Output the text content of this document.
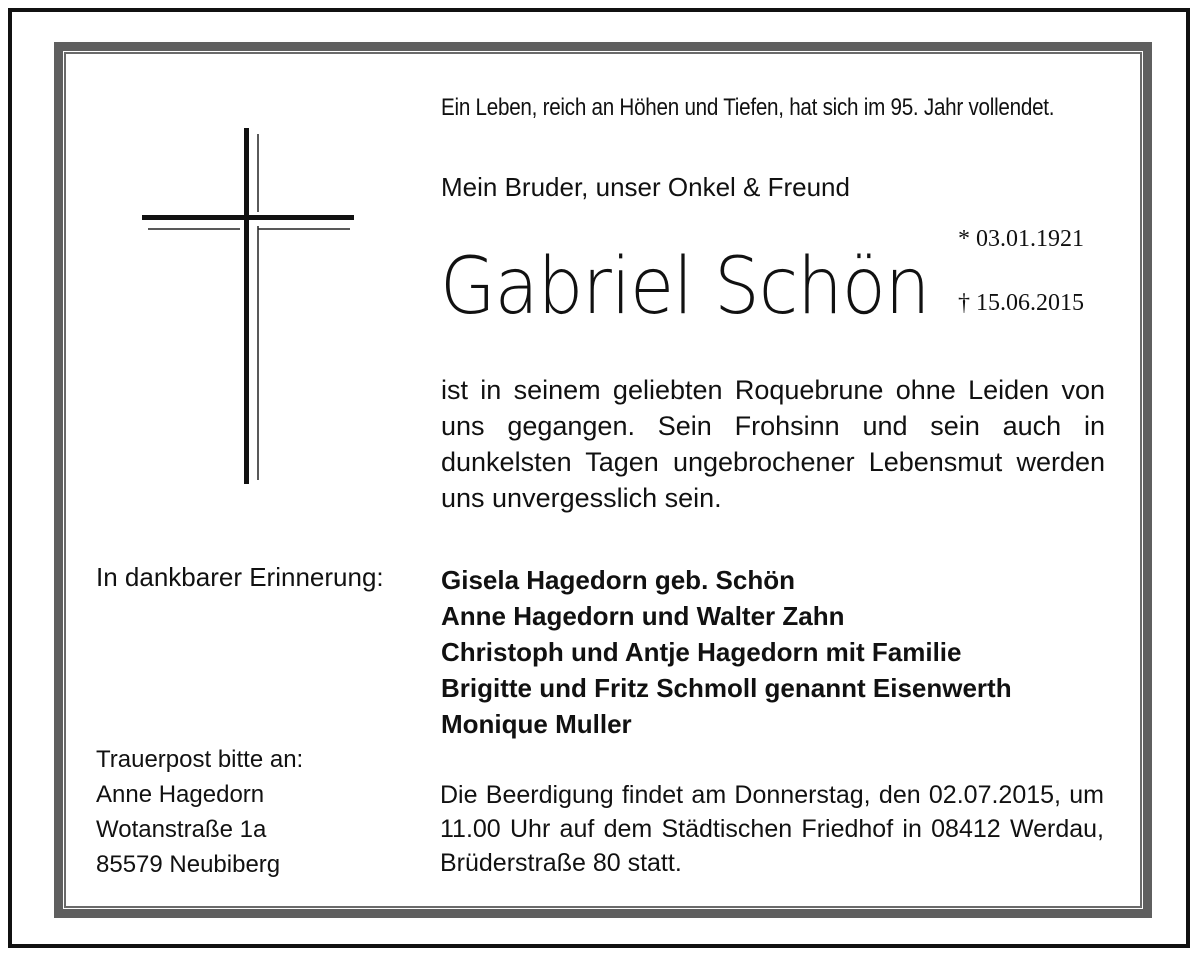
Ein Leben, reich an Höhen und Tiefen, hat sich im 95. Jahr vollendet.

Mein Bruder, unser Onkel & Freund

Gabriel Schön

* 03.01.1921

† 15.06.2015

ist in seinem geliebten Roquebrune ohne Leiden von uns gegangen. Sein Frohsinn und sein auch in dunkelsten Tagen ungebrochener Lebensmut werden uns unvergesslich sein.

In dankbarer Erinnerung: Gisela Hagedorn geb. Schön
Anne Hagedorn und Walter Zahn
Christoph und Antje Hagedorn mit Familie
Brigitte und Fritz Schmoll genannt Eisenwerth
Monique Muller
Trauerpost bitte an:
Anne Hagedorn
Wotanstraße 1a
85579 Neubiberg

Die Beerdigung findet am Donnerstag, den 02.07.2015, um 11.00 Uhr auf dem Städtischen Friedhof in 08412 Werdau, Brüderstraße 80 statt.
